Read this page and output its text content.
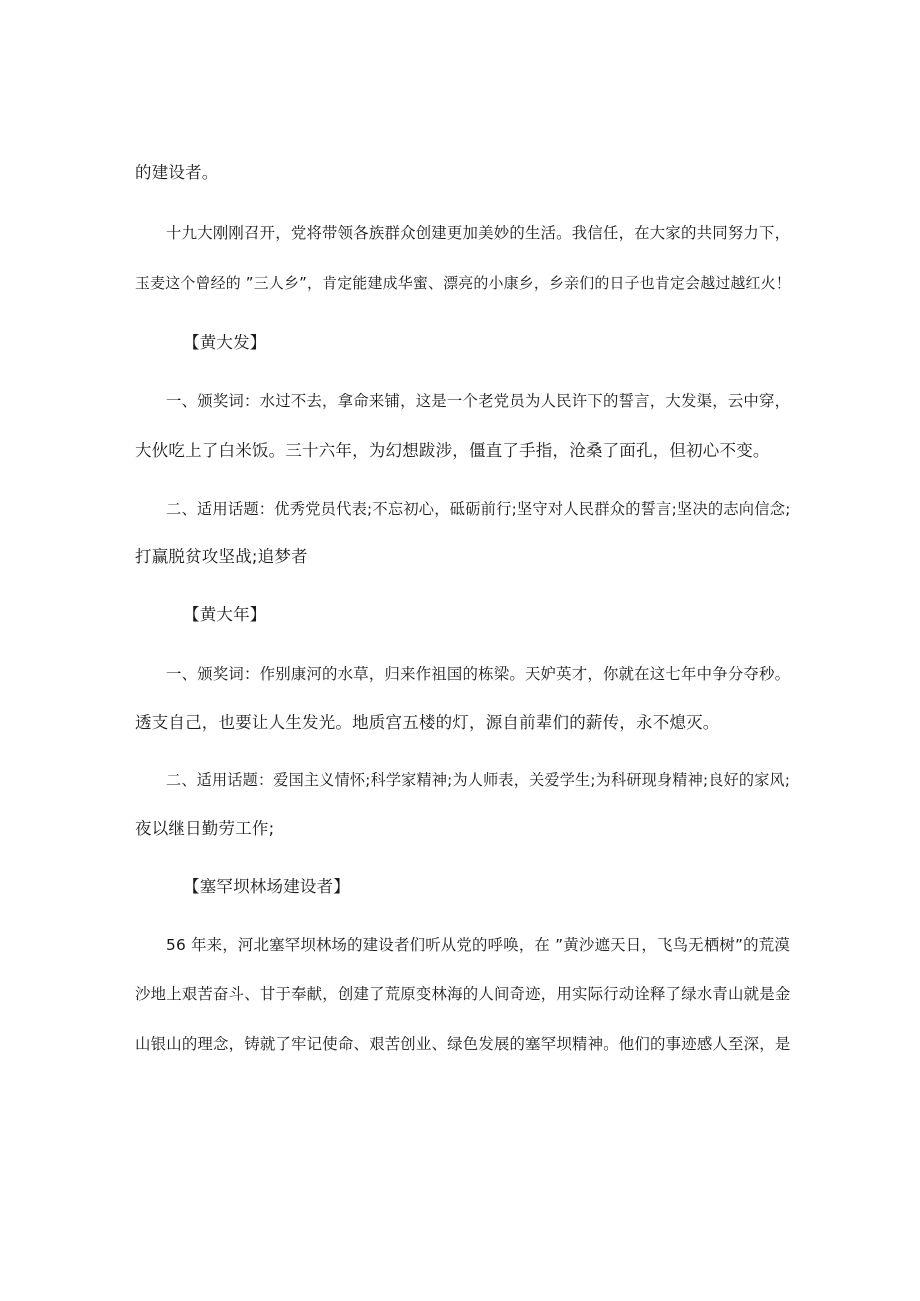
的建设者。
十九大刚刚召开，党将带领各族群众创建更加美妙的生活。我信任，在大家的共同努力下，
玉麦这个曾经的 ”三人乡”，肯定能建成华蜜、漂亮的小康乡，乡亲们的日子也肯定会越过越红火！
【黄大发】
一、颁奖词：水过不去，拿命来铺，这是一个老党员为人民许下的誓言，大发渠，云中穿，
大伙吃上了白米饭。三十六年，为幻想跋涉，僵直了手指，沧桑了面孔，但初心不变。
二、适用话题：优秀党员代表;不忘初心，砥砺前行;坚守对人民群众的誓言;坚决的志向信念;
打赢脱贫攻坚战;追梦者
【黄大年】
一、颁奖词：作别康河的水草，归来作祖国的栋梁。天妒英才，你就在这七年中争分夺秒。
透支自己，也要让人生发光。地质宫五楼的灯，源自前辈们的薪传，永不熄灭。
二、适用话题：爱国主义情怀;科学家精神;为人师表，关爱学生;为科研现身精神;良好的家风;
夜以继日勤劳工作;
【塞罕坝林场建设者】
56 年来，河北塞罕坝林场的建设者们听从党的呼唤，在 ”黄沙遮天日，飞鸟无栖树”的荒漠
沙地上艰苦奋斗、甘于奉献，创建了荒原变林海的人间奇迹，用实际行动诠释了绿水青山就是金
山银山的理念，铸就了牢记使命、艰苦创业、绿色发展的塞罕坝精神。他们的事迹感人至深，是
